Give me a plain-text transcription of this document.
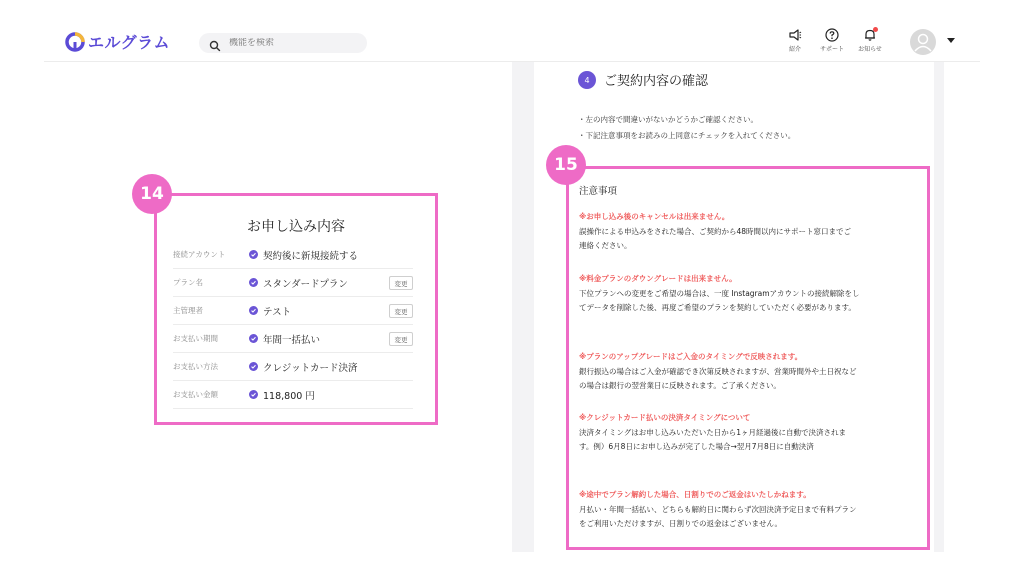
エルグラム
機能を検索	紹介	サポート	お知らせ
お申し込み内容
接続アカウント	契約後に新規接続する
プラン名	スタンダードプラン	変更
主管理者	テスト	変更
お支払い期間	年間一括払い	変更
お支払い方法	クレジットカード決済
お支払い金額	118,800 円
14
4	ご契約内容の確認
・左の内容で間違いがないかどうかご確認ください。
・下記注意事項をお読みの上同意にチェックを入れてください。
注意事項
※お申し込み後のキャンセルは出来ません。
誤操作による申込みをされた場合、ご契約から48時間以内にサポート窓口までご
連絡ください。
※料金プランのダウングレードは出来ません。
下位プランへの変更をご希望の場合は、一度 Instagramアカウントの接続解除をし
てデータを削除した後、再度ご希望のプランを契約していただく必要があります。
※プランのアップグレードはご入金のタイミングで反映されます。
銀行振込の場合はご入金が確認でき次第反映されますが、営業時間外や土日祝など
の場合は銀行の翌営業日に反映されます。ご了承ください。
※クレジットカード払いの決済タイミングについて
決済タイミングはお申し込みいただいた日から1ヶ月経過後に自動で決済されま
す。例）6月8日にお申し込みが完了した場合→翌月7月8日に自動決済
※途中でプラン解約した場合、日割りでのご返金はいたしかねます。
月払い・年間一括払い、どちらも解約日に関わらず次回決済予定日まで有料プラン
をご利用いただけますが、日割りでの返金はございません。
15
